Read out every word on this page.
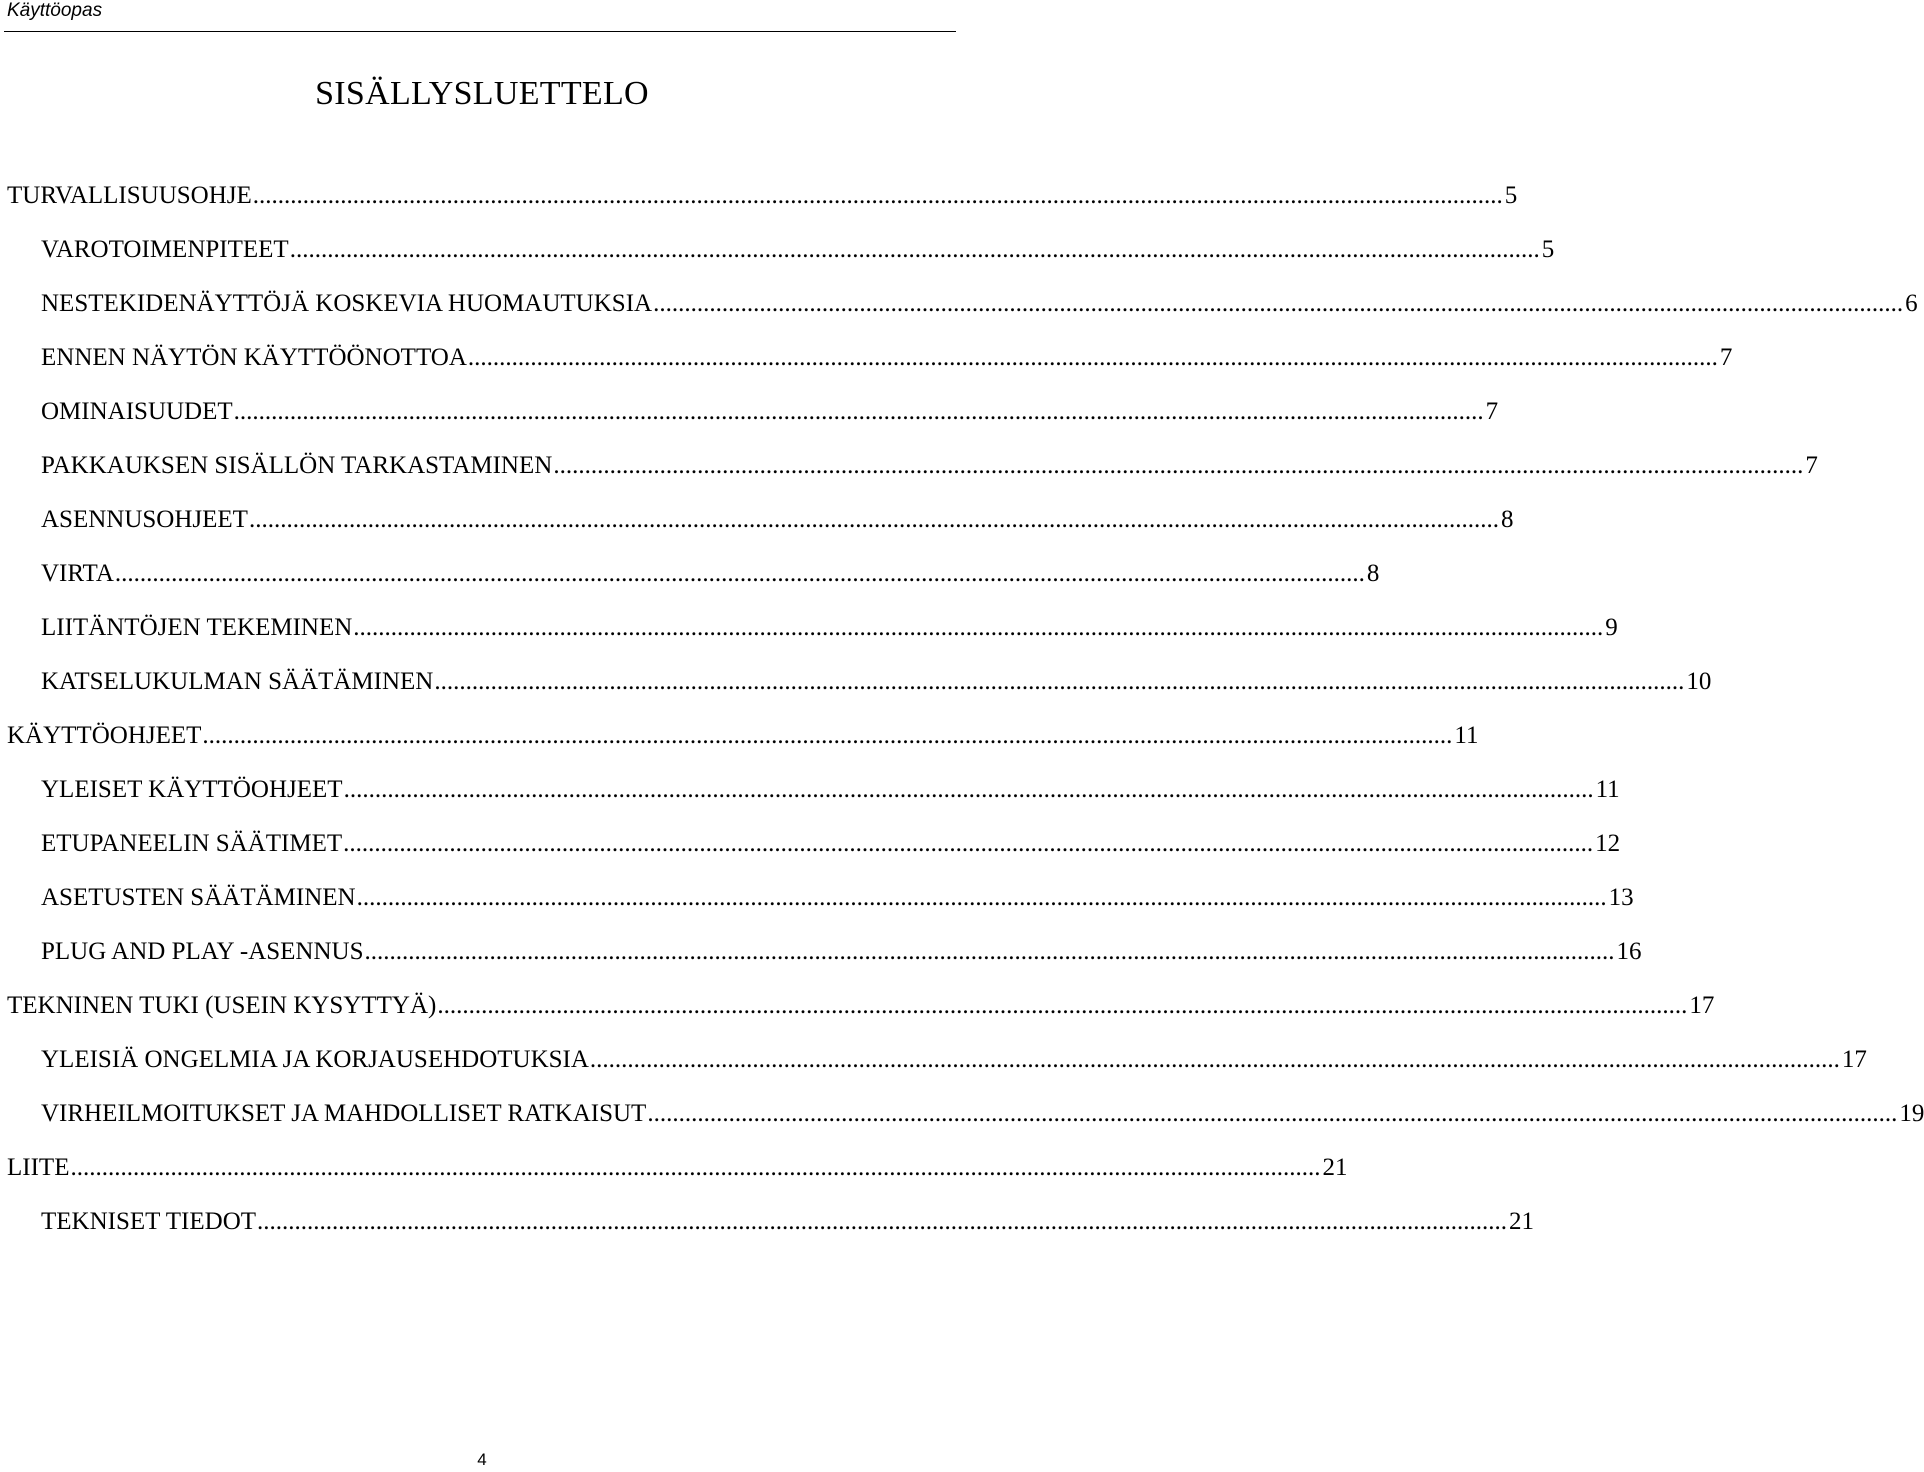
Käyttöopas
SISÄLLYSLUETTELO
TURVALLISUUSOHJE ........................................................................................................................................................................................................ 5
VAROTOIMENPITEET ........................................................................................................................................................................................................ 5
NESTEKIDENÄYTTÖJÄ KOSKEVIA HUOMAUTUKSIA ........................................................................................................................................................................................................ 6
ENNEN NÄYTÖN KÄYTTÖÖNOTTOA ........................................................................................................................................................................................................ 7
OMINAISUUDET ........................................................................................................................................................................................................ 7
PAKKAUKSEN SISÄLLÖN TARKASTAMINEN ........................................................................................................................................................................................................ 7
ASENNUSOHJEET ........................................................................................................................................................................................................ 8
VIRTA ........................................................................................................................................................................................................ 8
LIITÄNTÖJEN TEKEMINEN ........................................................................................................................................................................................................ 9
KATSELUKULMAN SÄÄTÄMINEN ........................................................................................................................................................................................................ 10
KÄYTTÖOHJEET ........................................................................................................................................................................................................ 11
YLEISET KÄYTTÖOHJEET ........................................................................................................................................................................................................ 11
ETUPANEELIN SÄÄTIMET ........................................................................................................................................................................................................ 12
ASETUSTEN SÄÄTÄMINEN ........................................................................................................................................................................................................ 13
PLUG AND PLAY -ASENNUS ........................................................................................................................................................................................................ 16
TEKNINEN TUKI (USEIN KYSYTTYÄ) ........................................................................................................................................................................................................ 17
YLEISIÄ ONGELMIA JA KORJAUSEHDOTUKSIA ........................................................................................................................................................................................................ 17
VIRHEILMOITUKSET JA MAHDOLLISET RATKAISUT ........................................................................................................................................................................................................ 19
LIITE ........................................................................................................................................................................................................ 21
TEKNISET TIEDOT ........................................................................................................................................................................................................ 21
4
